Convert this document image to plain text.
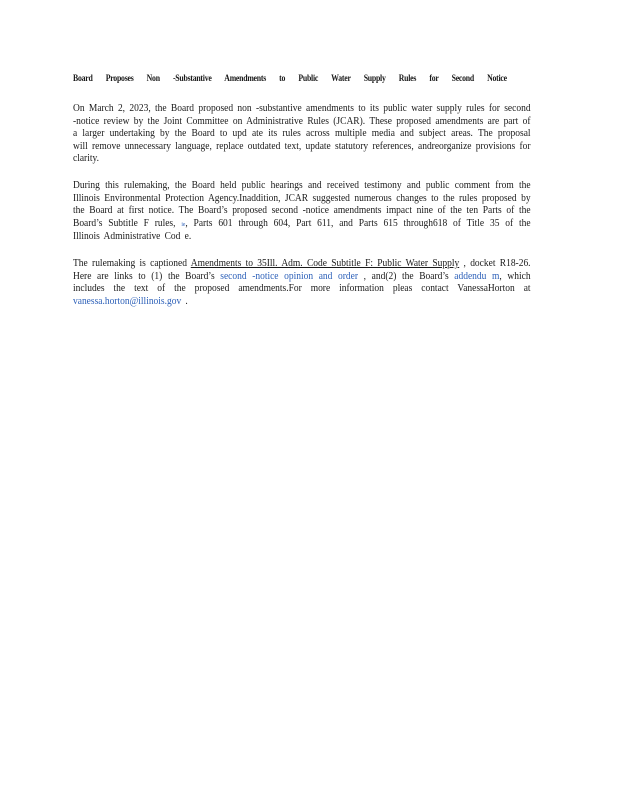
Board Proposes Non -Substantive Amendments to Public Water Supply Rules for Second Notice

On March 2, 2023, the Board proposed non -substantive amendments to its public water supply rules for second -notice review by the Joint Committee on Administrative Rules (JCAR). These proposed amendments are part of a larger undertaking by the Board to upd ate its rules across multiple media and subject areas. The proposal will remove unnecessary language, replace outdated text, update statutory references, andreorganize provisions for clarity.

During this rulemaking, the Board held public hearings and received testimony and public comment from the Illinois Environmental Protection Agency.Inaddition, JCAR suggested numerous changes to the rules proposed by the Board at first notice. The Board’s proposed second -notice amendments impact nine of the ten Parts of the Board’s Subtitle F rules, ie, Parts 601 through 604, Part 611, and Parts 615 through618 of Title 35 of the Illinois Administrative Cod e.

The rulemaking is captioned Amendments to 35Ill. Adm. Code Subtitle F: Public Water Supply , docket R18-26. Here are links to (1) the Board’s second -notice opinion and order , and(2) the Board’s addendu m, which includes the text of the proposed amendments.For more information pleas contact VanessaHorton at vanessa.horton@illinois.gov .
